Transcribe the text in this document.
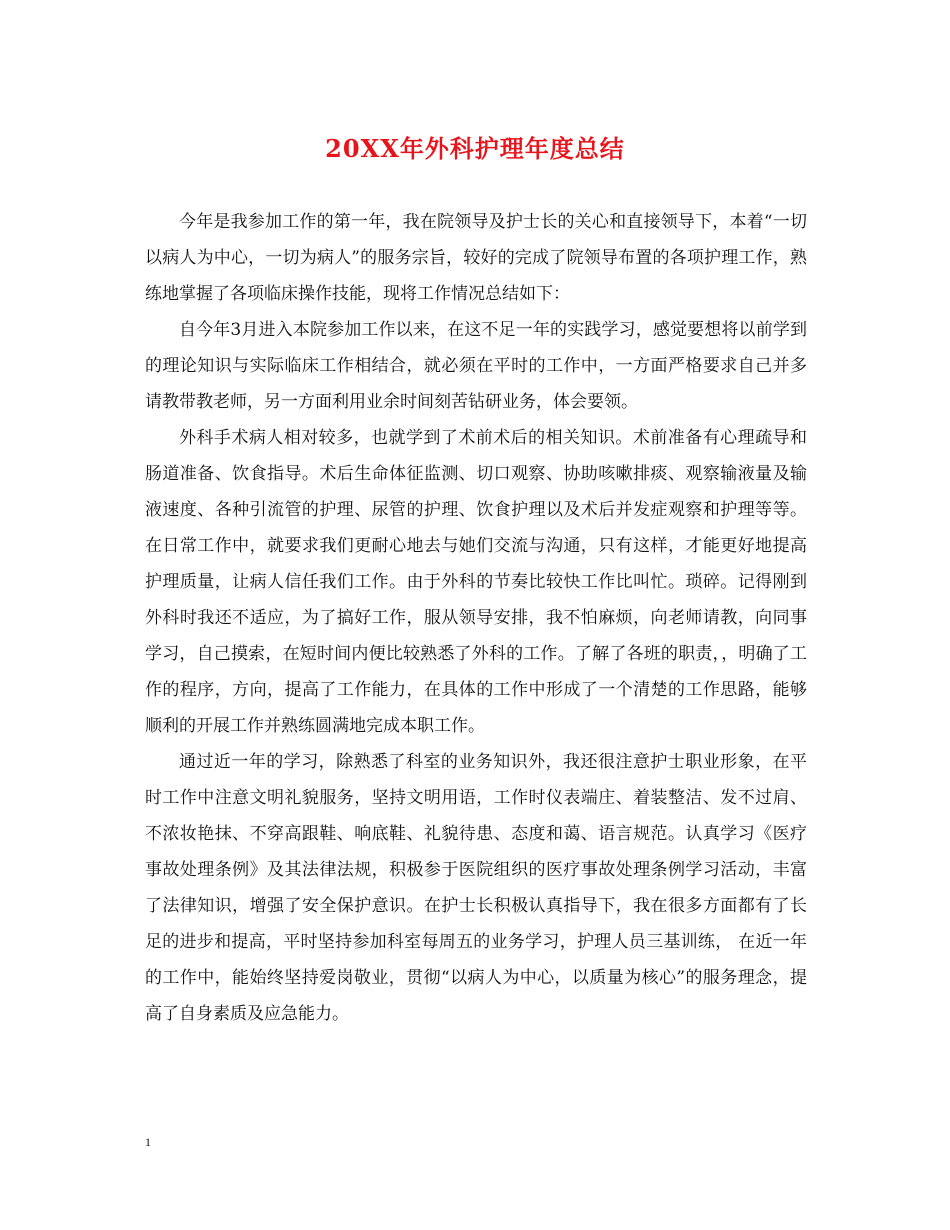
20XX年外科护理年度总结

今年是我参加工作的第一年，我在院领导及护士长的关心和直接领导下，本着“一切以病人为中心，一切为病人”的服务宗旨，较好的完成了院领导布置的各项护理工作，熟练地掌握了各项临床操作技能，现将工作情况总结如下：

自今年3月进入本院参加工作以来，在这不足一年的实践学习，感觉要想将以前学到的理论知识与实际临床工作相结合，就必须在平时的工作中，一方面严格要求自己并多请教带教老师，另一方面利用业余时间刻苦钻研业务，体会要领。

外科手术病人相对较多，也就学到了术前术后的相关知识。术前准备有心理疏导和肠道准备、饮食指导。术后生命体征监测、切口观察、协助咳嗽排痰、观察输液量及输液速度、各种引流管的护理、尿管的护理、饮食护理以及术后并发症观察和护理等等。在日常工作中，就要求我们更耐心地去与她们交流与沟通，只有这样，才能更好地提高护理质量，让病人信任我们工作。由于外科的节奏比较快工作比叫忙。琐碎。记得刚到外科时我还不适应，为了搞好工作，服从领导安排，我不怕麻烦，向老师请教，向同事学习，自己摸索，在短时间内便比较熟悉了外科的工作。了解了各班的职责，，明确了工作的程序，方向，提高了工作能力，在具体的工作中形成了一个清楚的工作思路，能够顺利的开展工作并熟练圆满地完成本职工作。

通过近一年的学习，除熟悉了科室的业务知识外，我还很注意护士职业形象，在平时工作中注意文明礼貌服务，坚持文明用语，工作时仪表端庄、着装整洁、发不过肩、不浓妆艳抹、不穿高跟鞋、响底鞋、礼貌待患、态度和蔼、语言规范。认真学习《医疗事故处理条例》及其法律法规，积极参于医院组织的医疗事故处理条例学习活动，丰富了法律知识，增强了安全保护意识。在护士长积极认真指导下，我在很多方面都有了长足的进步和提高，平时坚持参加科室每周五的业务学习，护理人员三基训练， 在近一年的工作中，能始终坚持爱岗敬业，贯彻“以病人为中心，以质量为核心”的服务理念，提高了自身素质及应急能力。

1
